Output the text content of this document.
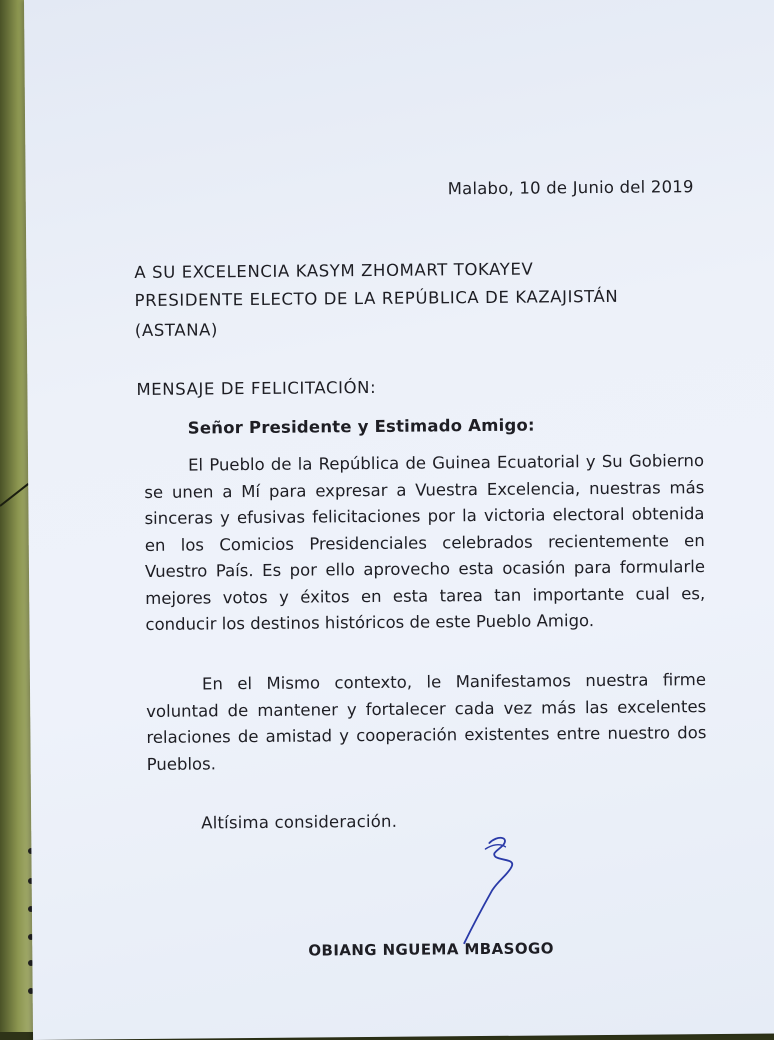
Malabo, 10 de Junio del 2019
A SU EXCELENCIA KASYM ZHOMART TOKAYEV
PRESIDENTE ELECTO DE LA REPÚBLICA DE KAZAJISTÁN
(ASTANA)
MENSAJE DE FELICITACIÓN:
Señor Presidente y Estimado Amigo:
El Pueblo de la República de Guinea Ecuatorial y Su Gobierno
se unen a Mí para expresar a Vuestra Excelencia, nuestras más
sinceras y efusivas felicitaciones por la victoria electoral obtenida
en los Comicios Presidenciales celebrados recientemente en
Vuestro País. Es por ello aprovecho esta ocasión para formularle
mejores votos y éxitos en esta tarea tan importante cual es,
conducir los destinos históricos de este Pueblo Amigo.
En el Mismo contexto, le Manifestamos nuestra firme
voluntad de mantener y fortalecer cada vez más las excelentes
relaciones de amistad y cooperación existentes entre nuestro dos
Pueblos.
Altísima consideración.
OBIANG NGUEMA MBASOGO
